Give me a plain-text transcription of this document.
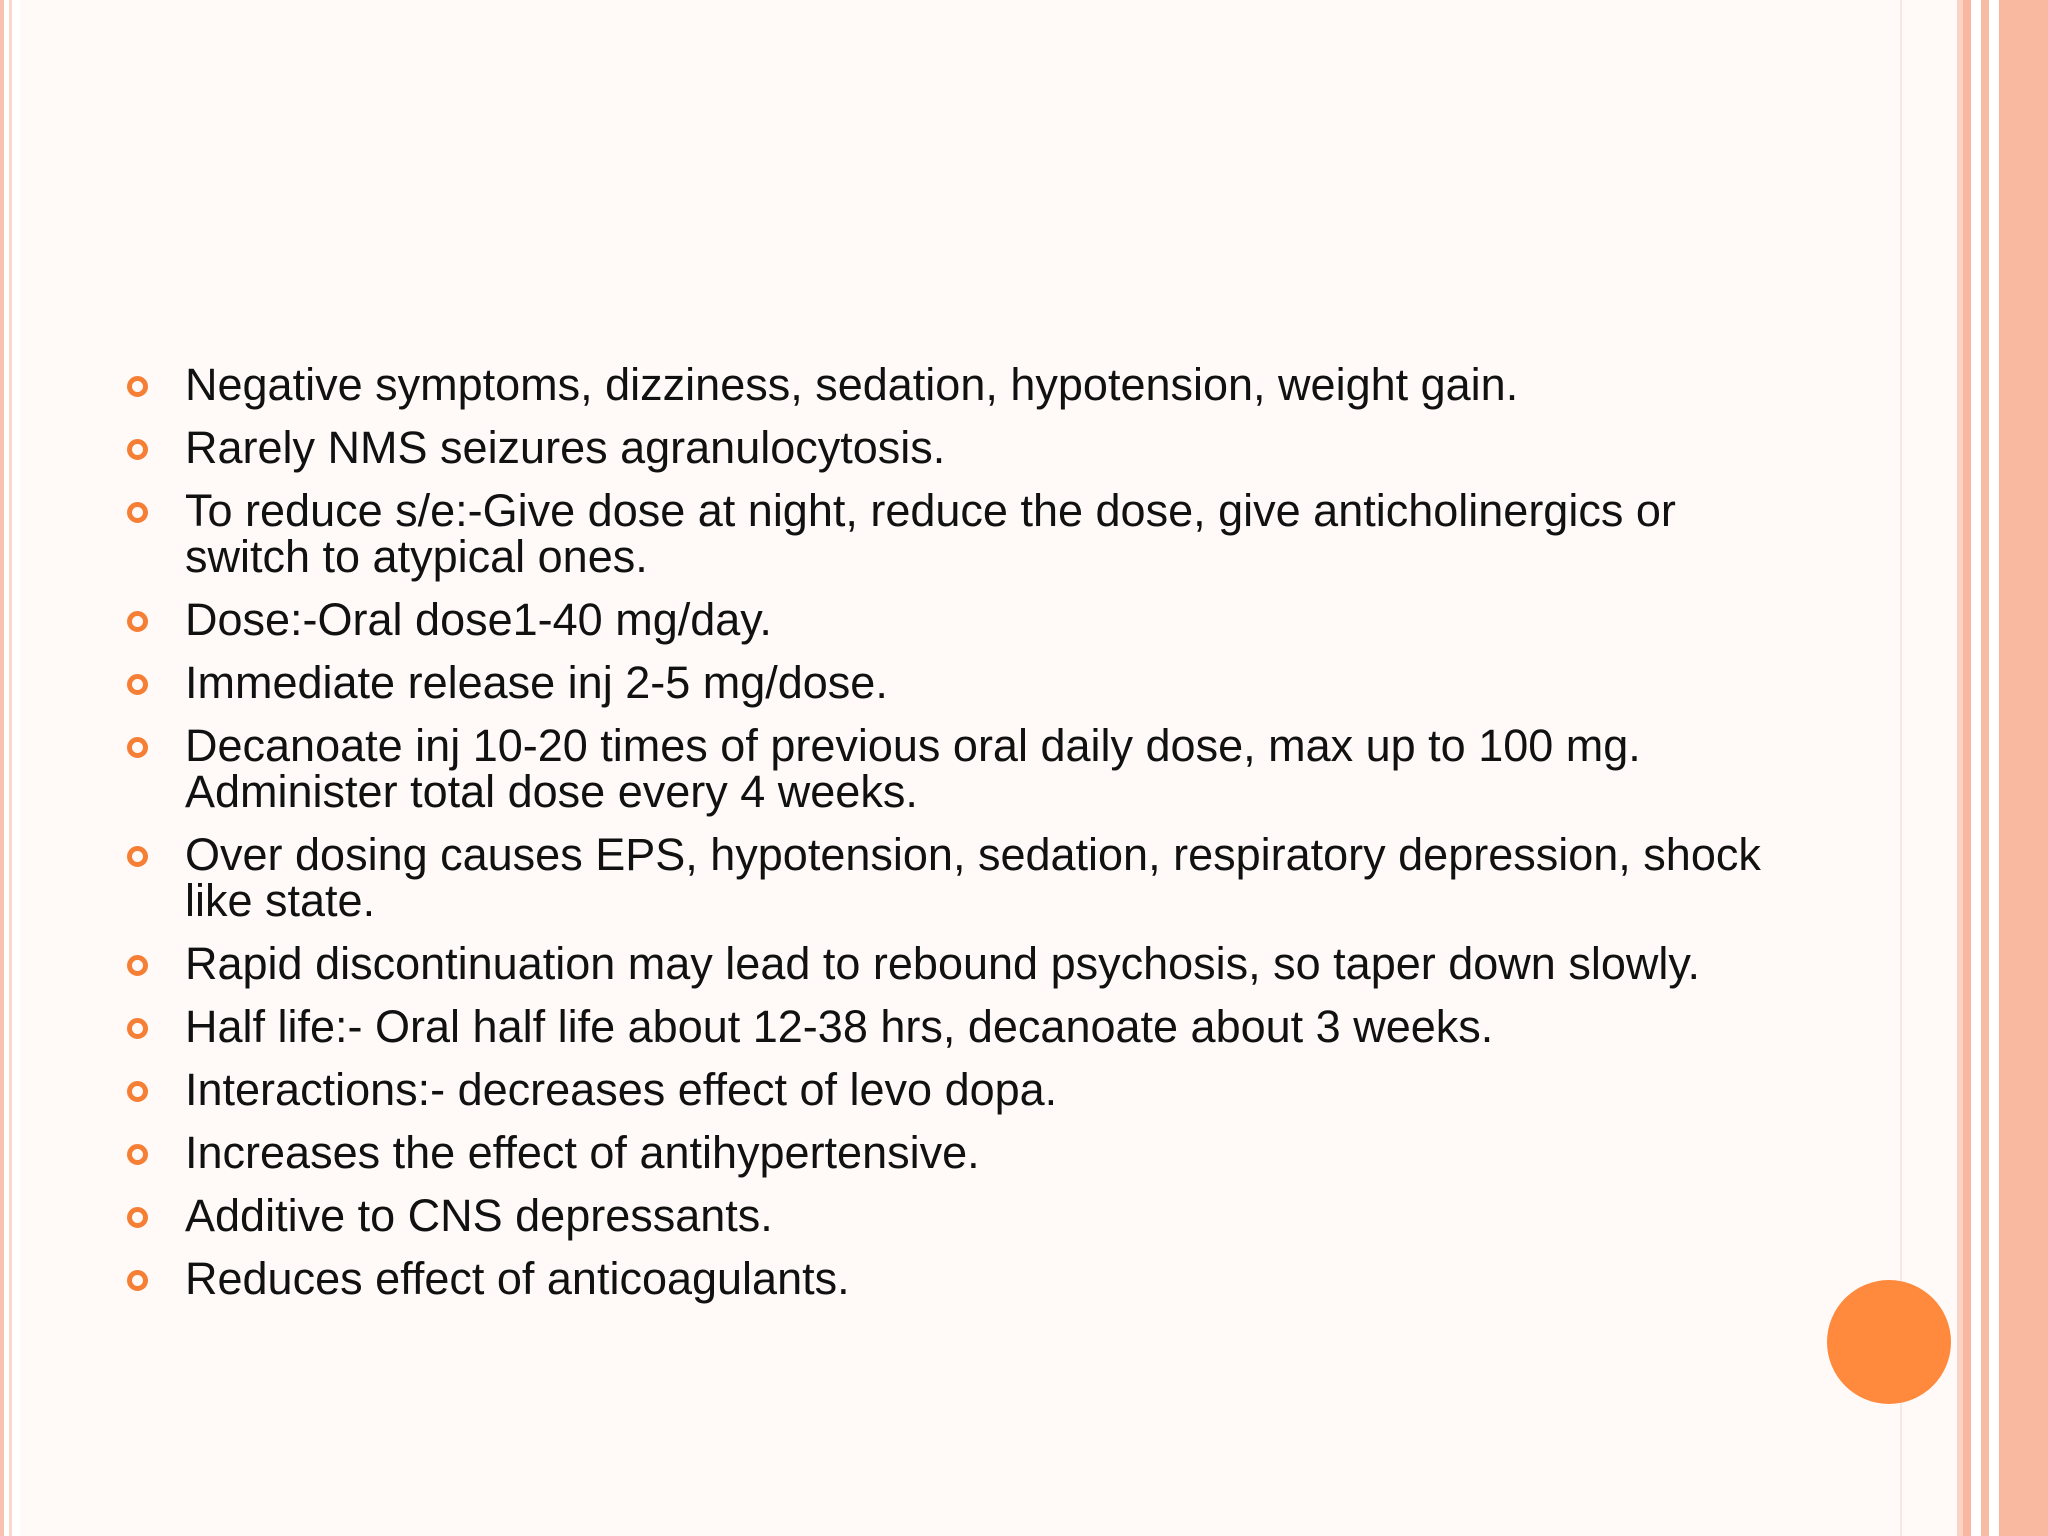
Negative symptoms, dizziness, sedation, hypotension, weight gain.
Rarely NMS seizures agranulocytosis.
To reduce s/e:-Give dose at night, reduce the dose, give anticholinergics or switch to atypical ones.
Dose:-Oral dose1-40 mg/day.
Immediate release inj 2-5 mg/dose.
Decanoate inj 10-20 times of previous oral daily dose, max up to 100 mg. Administer total dose every 4 weeks.
Over dosing causes EPS, hypotension, sedation, respiratory depression, shock like state.
Rapid discontinuation may lead to rebound psychosis, so taper down slowly.
Half life:- Oral half life about 12-38 hrs, decanoate about 3 weeks.
Interactions:- decreases effect of levo dopa.
Increases the effect of antihypertensive.
Additive to CNS depressants.
Reduces effect of anticoagulants.
